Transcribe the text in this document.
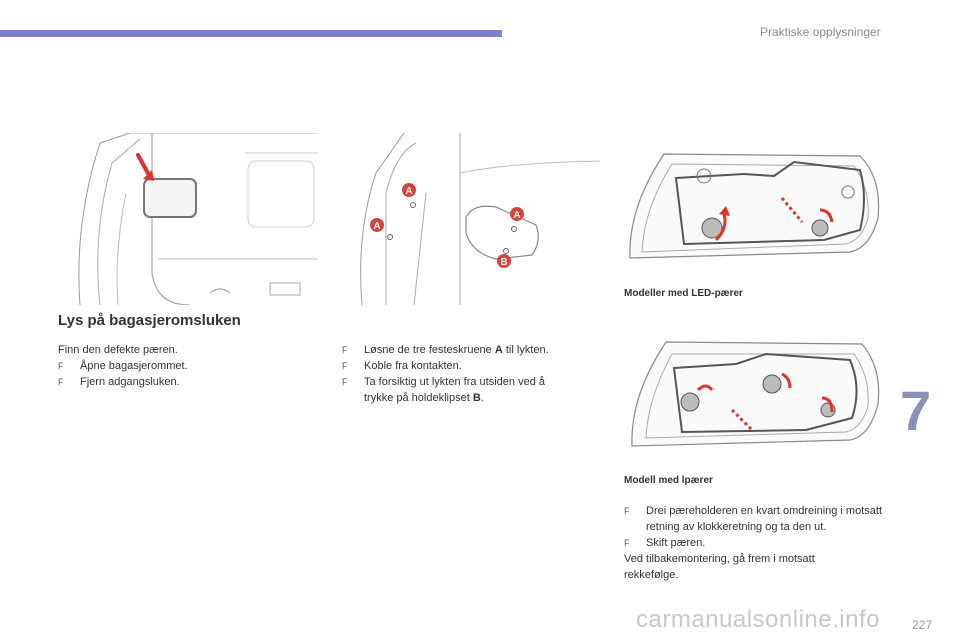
Praktiske opplysninger
A
A
A
B
Modeller med LED-pærer
Modell med lpærer
Lys på bagasjeromsluken

Finn den defekte pæren.

F Åpne bagasjerommet.

F Fjern adgangsluken.

F Løsne de tre festeskruene A til lykten.

F Koble fra kontakten.

F Ta forsiktig ut lykten fra utsiden ved å trykke på holdeklipset B.

F Drei pæreholderen en kvart omdreining i motsatt retning av klokkeretning og ta den ut.

F Skift pæren.

Ved tilbakemontering, gå frem i motsatt rekkefølge.

7
carmanualsonline.info	227
